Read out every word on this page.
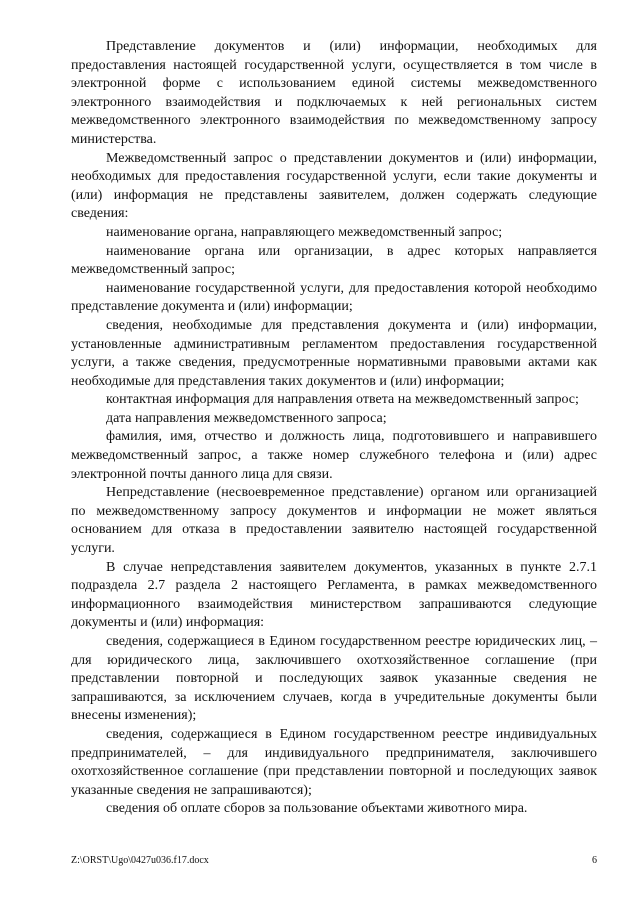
Представление документов и (или) информации, необходимых для предоставления настоящей государственной услуги, осуществляется в том числе в электронной форме с использованием единой системы межведомственного электронного взаимодействия и подключаемых к ней региональных систем межведомственного электронного взаимодействия по межведомственному запросу министерства.

Межведомственный запрос о представлении документов и (или) информации, необходимых для предоставления государственной услуги, если такие документы и (или) информация не представлены заявителем, должен содержать следующие сведения:

наименование органа, направляющего межведомственный запрос;

наименование органа или организации, в адрес которых направляется межведомственный запрос;

наименование государственной услуги, для предоставления которой необходимо представление документа и (или) информации;

сведения, необходимые для представления документа и (или) информации, установленные административным регламентом предоставления государственной услуги, а также сведения, предусмотренные нормативными правовыми актами как необходимые для представления таких документов и (или) информации;

контактная информация для направления ответа на межведомственный запрос;

дата направления межведомственного запроса;

фамилия, имя, отчество и должность лица, подготовившего и направившего межведомственный запрос, а также номер служебного телефона и (или) адрес электронной почты данного лица для связи.

Непредставление (несвоевременное представление) органом или организацией по межведомственному запросу документов и информации не может являться основанием для отказа в предоставлении заявителю настоящей государственной услуги.

В случае непредставления заявителем документов, указанных в пункте 2.7.1 подраздела 2.7 раздела 2 настоящего Регламента, в рамках межведомственного информационного взаимодействия министерством запрашиваются следующие документы и (или) информация:

сведения, содержащиеся в Едином государственном реестре юридических лиц, – для юридического лица, заключившего охотхозяйственное соглашение (при представлении повторной и последующих заявок указанные сведения не запрашиваются, за исключением случаев, когда в учредительные документы были внесены изменения);

сведения, содержащиеся в Едином государственном реестре индивидуальных предпринимателей, – для индивидуального предпринимателя, заключившего охотхозяйственное соглашение (при представлении повторной и последующих заявок указанные сведения не запрашиваются);

сведения об оплате сборов за пользование объектами животного мира.

Z:\ORST\Ugo\0427u036.f17.docx	6
